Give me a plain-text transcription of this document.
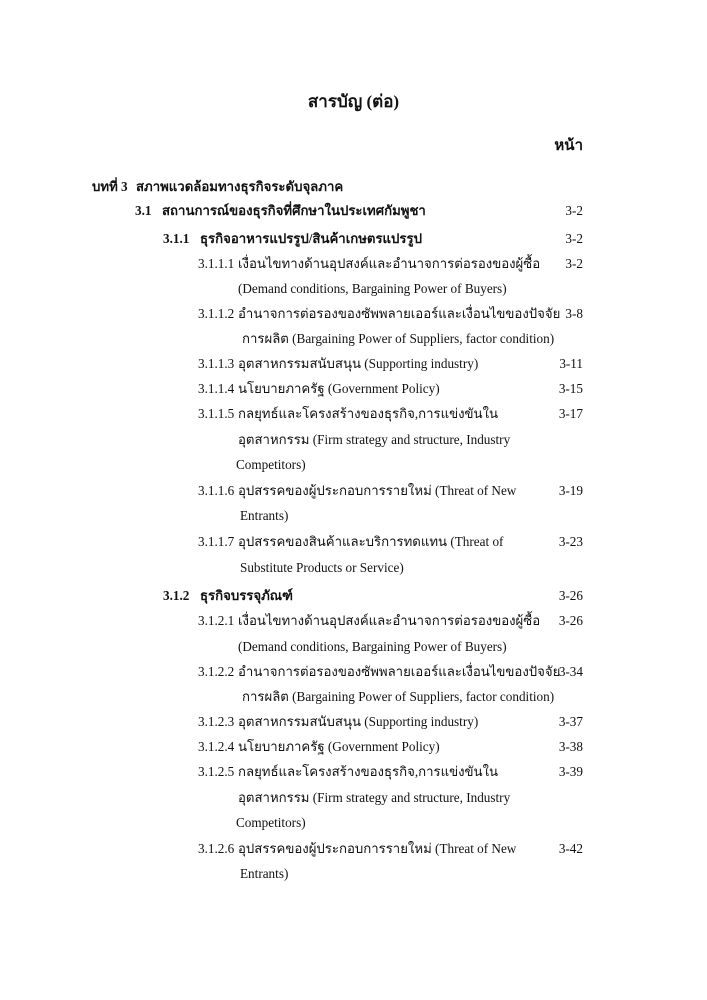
สารบัญ (ต่อ)
หน้า
บทที่ 3 สภาพแวดล้อมทางธุรกิจระดับจุลภาค
3.1 สถานการณ์ของธุรกิจที่ศึกษาในประเทศกัมพูชา	3-2
3.1.1 ธุรกิจอาหารแปรรูป/สินค้าเกษตรแปรรูป	3-2
3.1.1.1 เงื่อนไขทางด้านอุปสงค์และอำนาจการต่อรองของผู้ซื้อ 3-2
(Demand conditions, Bargaining Power of Buyers)
3.1.1.2 อำนาจการต่อรองของซัพพลายเออร์และเงื่อนไขของปัจจัย 3-8
การผลิต (Bargaining Power of Suppliers, factor condition)
3.1.1.3 อุตสาหกรรมสนับสนุน (Supporting industry)	3-11
3.1.1.4 นโยบายภาครัฐ (Government Policy)	3-15
3.1.1.5 กลยุทธ์และโครงสร้างของธุรกิจ,การแข่งขันใน	3-17
อุตสาหกรรม (Firm strategy and structure, Industry
Competitors)
3.1.1.6 อุปสรรคของผู้ประกอบการรายใหม่ (Threat of New	3-19
Entrants)
3.1.1.7 อุปสรรคของสินค้าและบริการทดแทน (Threat of	3-23
Substitute Products or Service)
3.1.2 ธุรกิจบรรจุภัณฑ์	3-26
3.1.2.1 เงื่อนไขทางด้านอุปสงค์และอำนาจการต่อรองของผู้ซื้อ 3-26
(Demand conditions, Bargaining Power of Buyers)
3.1.2.2 อำนาจการต่อรองของซัพพลายเออร์และเงื่อนไขของปัจจัย
3-34
การผลิต (Bargaining Power of Suppliers, factor condition)
3.1.2.3 อุตสาหกรรมสนับสนุน (Supporting industry)	3-37
3.1.2.4 นโยบายภาครัฐ (Government Policy)	3-38
3.1.2.5 กลยุทธ์และโครงสร้างของธุรกิจ,การแข่งขันใน	3-39
อุตสาหกรรม (Firm strategy and structure, Industry
Competitors)
3.1.2.6 อุปสรรคของผู้ประกอบการรายใหม่ (Threat of New	3-42
Entrants)
